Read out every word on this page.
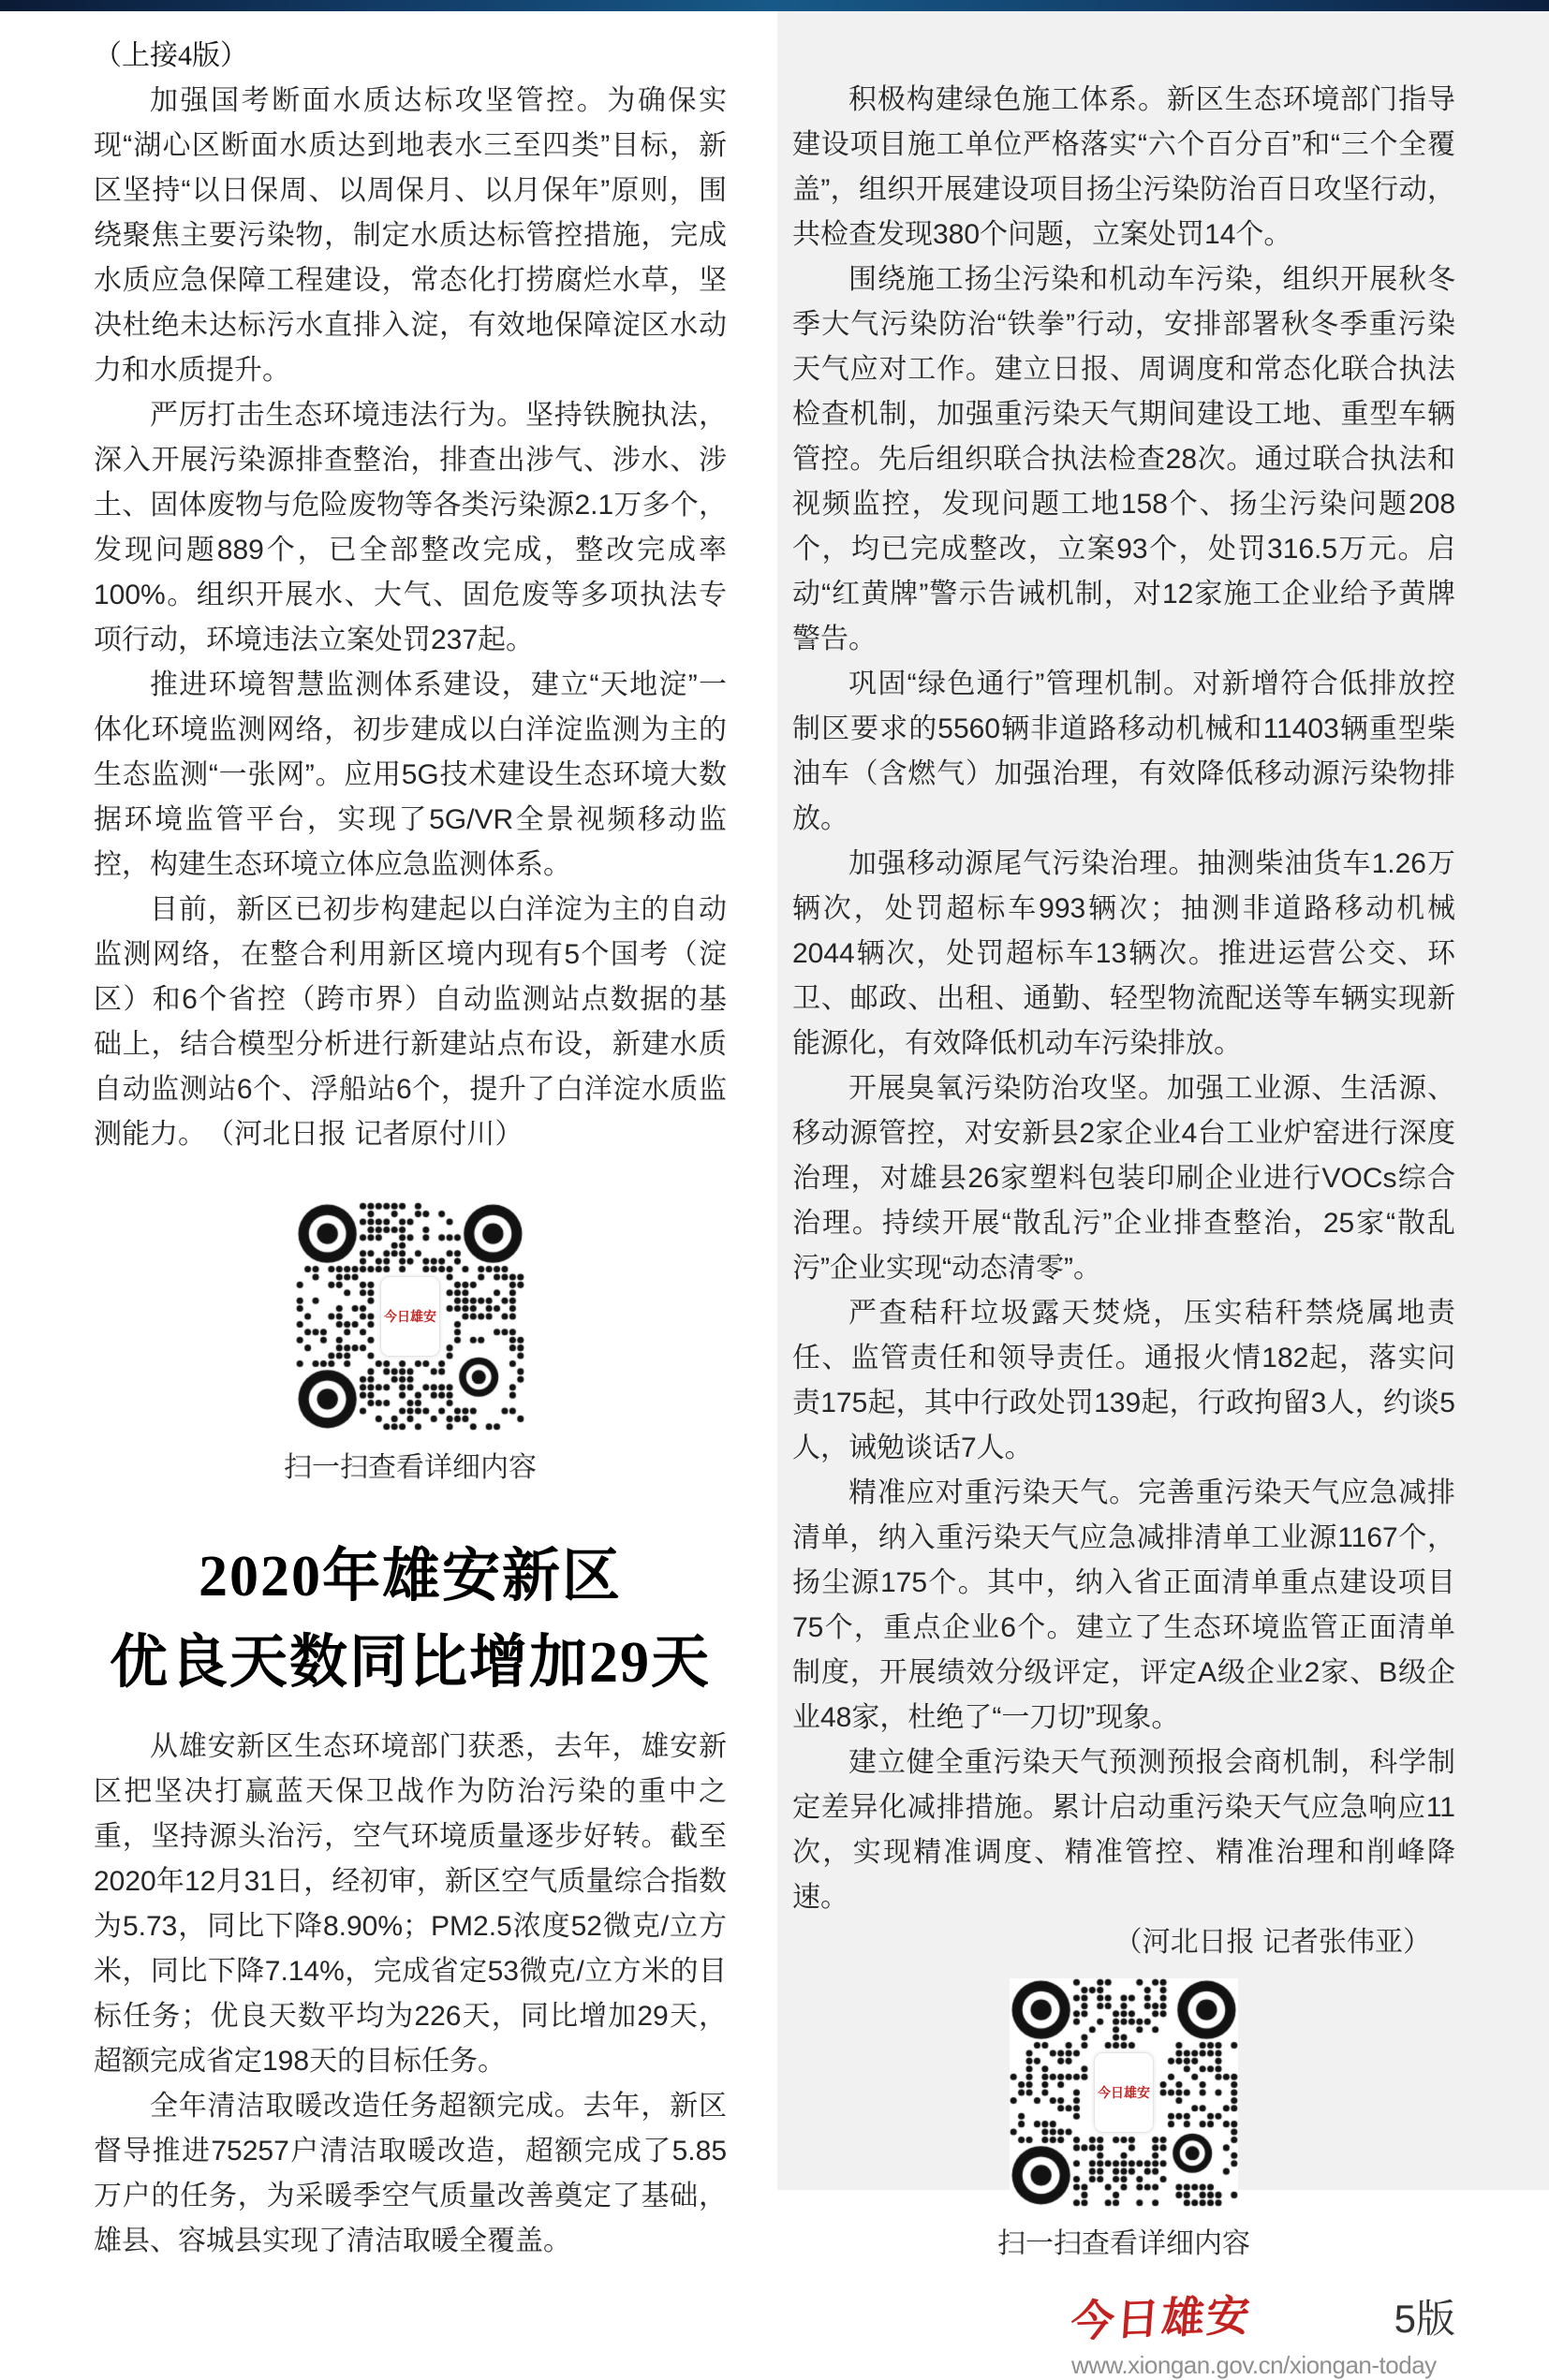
（上接4版）

加强国考断面水质达标攻坚管控。为确保实现“湖心区断面水质达到地表水三至四类”目标，新区坚持“以日保周、以周保月、以月保年”原则，围绕聚焦主要污染物，制定水质达标管控措施，完成水质应急保障工程建设，常态化打捞腐烂水草，坚决杜绝未达标污水直排入淀，有效地保障淀区水动力和水质提升。

严厉打击生态环境违法行为。坚持铁腕执法，深入开展污染源排查整治，排查出涉气、涉水、涉土、固体废物与危险废物等各类污染源2.1万多个，发现问题889个，已全部整改完成，整改完成率100%。组织开展水、大气、固危废等多项执法专项行动，环境违法立案处罚237起。

推进环境智慧监测体系建设，建立“天地淀”一体化环境监测网络，初步建成以白洋淀监测为主的生态监测“一张网”。应用5G技术建设生态环境大数据环境监管平台，实现了5G/VR全景视频移动监控，构建生态环境立体应急监测体系。

目前，新区已初步构建起以白洋淀为主的自动监测网络，在整合利用新区境内现有5个国考（淀区）和6个省控（跨市界）自动监测站点数据的基础上，结合模型分析进行新建站点布设，新建水质自动监测站6个、浮船站6个，提升了白洋淀水质监测能力。　（河北日报 记者原付川）

今日雄安
扫一扫查看详细内容
2020年雄安新区
优良天数同比增加29天

从雄安新区生态环境部门获悉，去年，雄安新区把坚决打赢蓝天保卫战作为防治污染的重中之重，坚持源头治污，空气环境质量逐步好转。截至2020年12月31日，经初审，新区空气质量综合指数为5.73，同比下降8.90%；PM2.5浓度52微克/立方米，同比下降7.14%，完成省定53微克/立方米的目标任务；优良天数平均为226天，同比增加29天，超额完成省定198天的目标任务。

全年清洁取暖改造任务超额完成。去年，新区督导推进75257户清洁取暖改造，超额完成了5.85万户的任务，为采暖季空气质量改善奠定了基础，雄县、容城县实现了清洁取暖全覆盖。

积极构建绿色施工体系。新区生态环境部门指导建设项目施工单位严格落实“六个百分百”和“三个全覆盖”，组织开展建设项目扬尘污染防治百日攻坚行动，共检查发现380个问题，立案处罚14个。

围绕施工扬尘污染和机动车污染，组织开展秋冬季大气污染防治“铁拳”行动，安排部署秋冬季重污染天气应对工作。建立日报、周调度和常态化联合执法检查机制，加强重污染天气期间建设工地、重型车辆管控。先后组织联合执法检查28次。通过联合执法和视频监控，发现问题工地158个、扬尘污染问题208个，均已完成整改，立案93个，处罚316.5万元。启动“红黄牌”警示告诫机制，对12家施工企业给予黄牌警告。

巩固“绿色通行”管理机制。对新增符合低排放控制区要求的5560辆非道路移动机械和11403辆重型柴油车（含燃气）加强治理，有效降低移动源污染物排放。

加强移动源尾气污染治理。抽测柴油货车1.26万辆次，处罚超标车993辆次；抽测非道路移动机械2044辆次，处罚超标车13辆次。推进运营公交、环卫、邮政、出租、通勤、轻型物流配送等车辆实现新能源化，有效降低机动车污染排放。

开展臭氧污染防治攻坚。加强工业源、生活源、移动源管控，对安新县2家企业4台工业炉窑进行深度治理，对雄县26家塑料包装印刷企业进行VOCs综合治理。持续开展“散乱污”企业排查整治，25家“散乱污”企业实现“动态清零”。

严查秸秆垃圾露天焚烧，压实秸秆禁烧属地责任、监管责任和领导责任。通报火情182起，落实问责175起，其中行政处罚139起，行政拘留3人，约谈5人，诫勉谈话7人。

精准应对重污染天气。完善重污染天气应急减排清单，纳入重污染天气应急减排清单工业源1167个，扬尘源175个。其中，纳入省正面清单重点建设项目75个，重点企业6个。建立了生态环境监管正面清单制度，开展绩效分级评定，评定A级企业2家、B级企业48家，杜绝了“一刀切”现象。

建立健全重污染天气预测预报会商机制，科学制定差异化减排措施。累计启动重污染天气应急响应11次，实现精准调度、精准管控、精准治理和削峰降速。

（河北日报 记者张伟亚）
今日雄安
扫一扫查看详细内容
今日雄安	5版
www.xiongan.gov.cn/xiongan-today
